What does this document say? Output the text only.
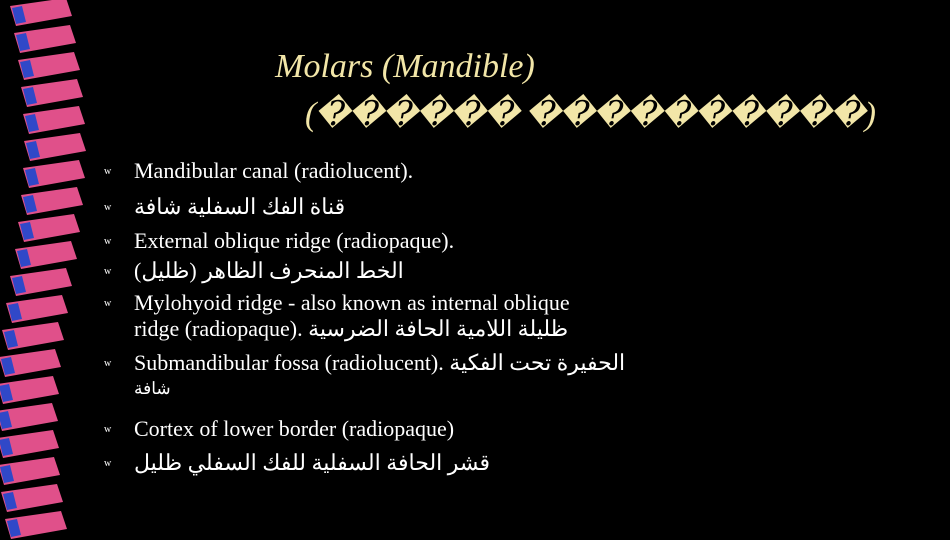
Molars (Mandible)
(������ ����������)
w Mandibular canal (radiolucent).
w قناة الفك السفلية شافة
w External oblique ridge (radiopaque).
w الخط المنحرف الظاهر (ظليل)
w Mylohyoid ridge - also known as internal oblique
ridge (radiopaque). ظليلة اللامية الحافة الضرسية
w Submandibular fossa (radiolucent). الحفيرة تحت الفكية
شافة
w Cortex of lower border (radiopaque)
w قشر الحافة السفلية للفك السفلي ظليل
